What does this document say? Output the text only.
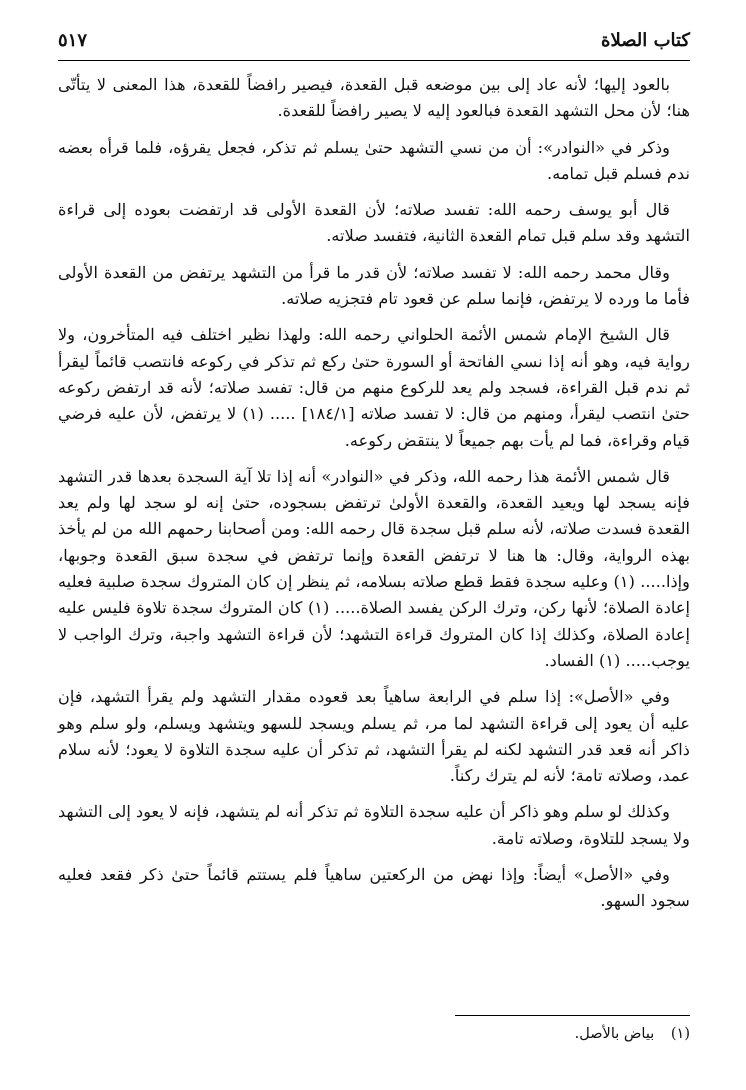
كتاب الصلاة
٥١٧

بالعود إليها؛ لأنه عاد إلى بين موضعه قبل القعدة، فيصير رافضاً للقعدة، هذا المعنى لا يتأتّى هنا؛ لأن محل التشهد القعدة فبالعود إليه لا يصير رافضاً للقعدة.

وذكر في «النوادر»: أن من نسي التشهد حتىٰ يسلم ثم تذكر، فجعل يقرؤه، فلما قرأه بعضه ندم فسلم قبل تمامه.

قال أبو يوسف رحمه الله: تفسد صلاته؛ لأن القعدة الأولى قد ارتفضت بعوده إلى قراءة التشهد وقد سلم قبل تمام القعدة الثانية، فتفسد صلاته.

وقال محمد رحمه الله: لا تفسد صلاته؛ لأن قدر ما قرأ من التشهد يرتفض من القعدة الأولى فأما ما ورده لا يرتفض، فإنما سلم عن قعود تام فتجزيه صلاته.

قال الشيخ الإمام شمس الأئمة الحلواني رحمه الله: ولهذا نظير اختلف فيه المتأخرون، ولا رواية فيه، وهو أنه إذا نسي الفاتحة أو السورة حتىٰ ركع ثم تذكر في ركوعه فانتصب قائماً ليقرأ ثم ندم قبل القراءة، فسجد ولم يعد للركوع منهم من قال: تفسد صلاته؛ لأنه قد ارتفض ركوعه حتىٰ انتصب ليقرأ، ومنهم من قال: لا تفسد صلاته [١٨٤/١] ..... (١) لا يرتفض، لأن عليه فرضي قيام وقراءة، فما لم يأت بهم جميعاً لا ينتقض ركوعه.

قال شمس الأئمة هذا رحمه الله، وذكر في «النوادر» أنه إذا تلا آية السجدة بعدها قدر التشهد فإنه يسجد لها ويعيد القعدة، والقعدة الأولىٰ ترتفض بسجوده، حتىٰ إنه لو سجد لها ولم يعد القعدة فسدت صلاته، لأنه سلم قبل سجدة قال رحمه الله: ومن أصحابنا رحمهم الله من لم يأخذ بهذه الرواية، وقال: ها هنا لا ترتفض القعدة وإنما ترتفض في سجدة سبق القعدة وجوبها، وإذا..... (١) وعليه سجدة فقط قطع صلاته بسلامه، ثم ينظر إن كان المتروك سجدة صلبية فعليه إعادة الصلاة؛ لأنها ركن، وترك الركن يفسد الصلاة..... (١) كان المتروك سجدة تلاوة فليس عليه إعادة الصلاة، وكذلك إذا كان المتروك قراءة التشهد؛ لأن قراءة التشهد واجبة، وترك الواجب لا يوجب..... (١) الفساد.

وفي «الأصل»: إذا سلم في الرابعة ساهياً بعد قعوده مقدار التشهد ولم يقرأ التشهد، فإن عليه أن يعود إلى قراءة التشهد لما مر، ثم يسلم ويسجد للسهو ويتشهد ويسلم، ولو سلم وهو ذاكر أنه قعد قدر التشهد لكنه لم يقرأ التشهد، ثم تذكر أن عليه سجدة التلاوة لا يعود؛ لأنه سلام عمد، وصلاته تامة؛ لأنه لم يترك ركناً.

وكذلك لو سلم وهو ذاكر أن عليه سجدة التلاوة ثم تذكر أنه لم يتشهد، فإنه لا يعود إلى التشهد ولا يسجد للتلاوة، وصلاته تامة.

وفي «الأصل» أيضاً: وإذا نهض من الركعتين ساهياً فلم يستتم قائماً حتىٰ ذكر فقعد فعليه سجود السهو.

(١) بياض بالأصل.
